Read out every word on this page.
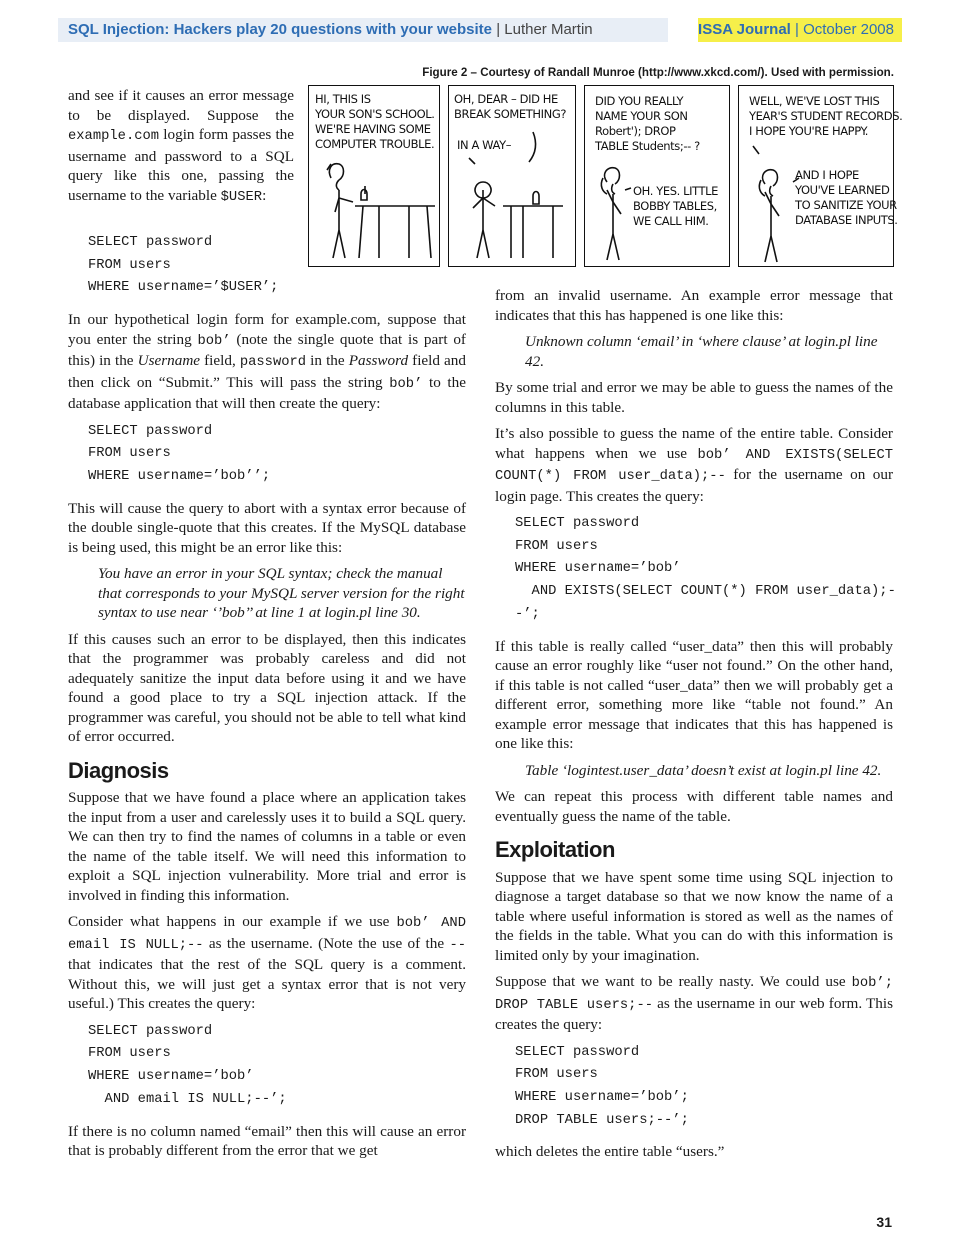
SQL Injection: Hackers play 20 questions with your website | Luther Martin	ISSA Journal | October 2008
Figure 2 – Courtesy of Randall Munroe (http://www.xkcd.com/). Used with permission.
HI, THIS IS
YOUR SON'S SCHOOL.
WE'RE HAVING SOME
COMPUTER TROUBLE.
OH, DEAR – DID HE
BREAK SOMETHING?
IN A WAY–
DID YOU REALLY
NAME YOUR SON
Robert'); DROP
TABLE Students;-- ?
OH. YES. LITTLE
BOBBY TABLES,
WE CALL HIM.
WELL, WE'VE LOST THIS
YEAR'S STUDENT RECORDS.
I HOPE YOU'RE HAPPY.
AND I HOPE
YOU'VE LEARNED
TO SANITIZE YOUR
DATABASE INPUTS.

and see if it causes an error message to be displayed. Suppose the example.com login form passes the username and password to a SQL query like this one, passing the username to the variable $USER:

SELECT password
FROM users
WHERE username=’$USER’;

In our hypothetical login form for example.com, suppose that you enter the string bob’ (note the single quote that is part of this) in the Username field, password in the Password field and then click on “Submit.” This will pass the string bob’ to the database application that will then create the query:

SELECT password
FROM users
WHERE username=’bob’’;

This will cause the query to abort with a syntax error because of the double single-quote that this creates. If the MySQL database is being used, this might be an error like this:

You have an error in your SQL syntax; check the manual that corresponds to your MySQL server version for the right syntax to use near ‘’bob’’ at line 1 at login.pl line 30.

If this causes such an error to be displayed, then this indicates that the programmer was probably careless and did not adequately sanitize the input data before using it and we have found a good place to try a SQL injection attack. If the programmer was careful, you should not be able to tell what kind of error occurred.

Diagnosis

Suppose that we have found a place where an application takes the input from a user and carelessly uses it to build a SQL query. We can then try to find the names of columns in a table or even the name of the table itself. We will need this information to exploit a SQL injection vulnerability. More trial and error is involved in finding this information.

Consider what happens in our example if we use bob’ AND email IS NULL;-- as the username. (Note the use of the -- that indicates that the rest of the SQL query is a comment. Without this, we will just get a syntax error that is not very useful.) This creates the query:

SELECT password
FROM users
WHERE username=’bob’
AND email IS NULL;--’;

If there is no column named “email” then this will cause an error that is probably different from the error that we get

from an invalid username. An example error message that indicates that this has happened is one like this:

Unknown column ‘email’ in ‘where clause’ at login.pl line 42.

By some trial and error we may be able to guess the names of the columns in this table.

It’s also possible to guess the name of the entire table. Consider what happens when we use bob’ AND EXISTS(SELECT COUNT(*) FROM user_data);-- for the username on our login page. This creates the query:

SELECT password
FROM users
WHERE username=’bob’
AND EXISTS(SELECT COUNT(*) FROM user_data);-
-’;

If this table is really called “user_data” then this will probably cause an error roughly like “user not found.” On the other hand, if this table is not called “user_data” then we will probably get a different error, something more like “table not found.” An example error message that indicates that this has happened is one like this:

Table ‘logintest.user_data’ doesn’t exist at login.pl line 42.

We can repeat this process with different table names and eventually guess the name of the table.

Exploitation

Suppose that we have spent some time using SQL injection to diagnose a target database so that we now know the name of a table where useful information is stored as well as the names of the fields in the table. What you can do with this information is limited only by your imagination.

Suppose that we want to be really nasty. We could use bob’; DROP TABLE users;-- as the username in our web form. This creates the query:

SELECT password
FROM users
WHERE username=’bob’;
DROP TABLE users;--’;

which deletes the entire table “users.”

31
